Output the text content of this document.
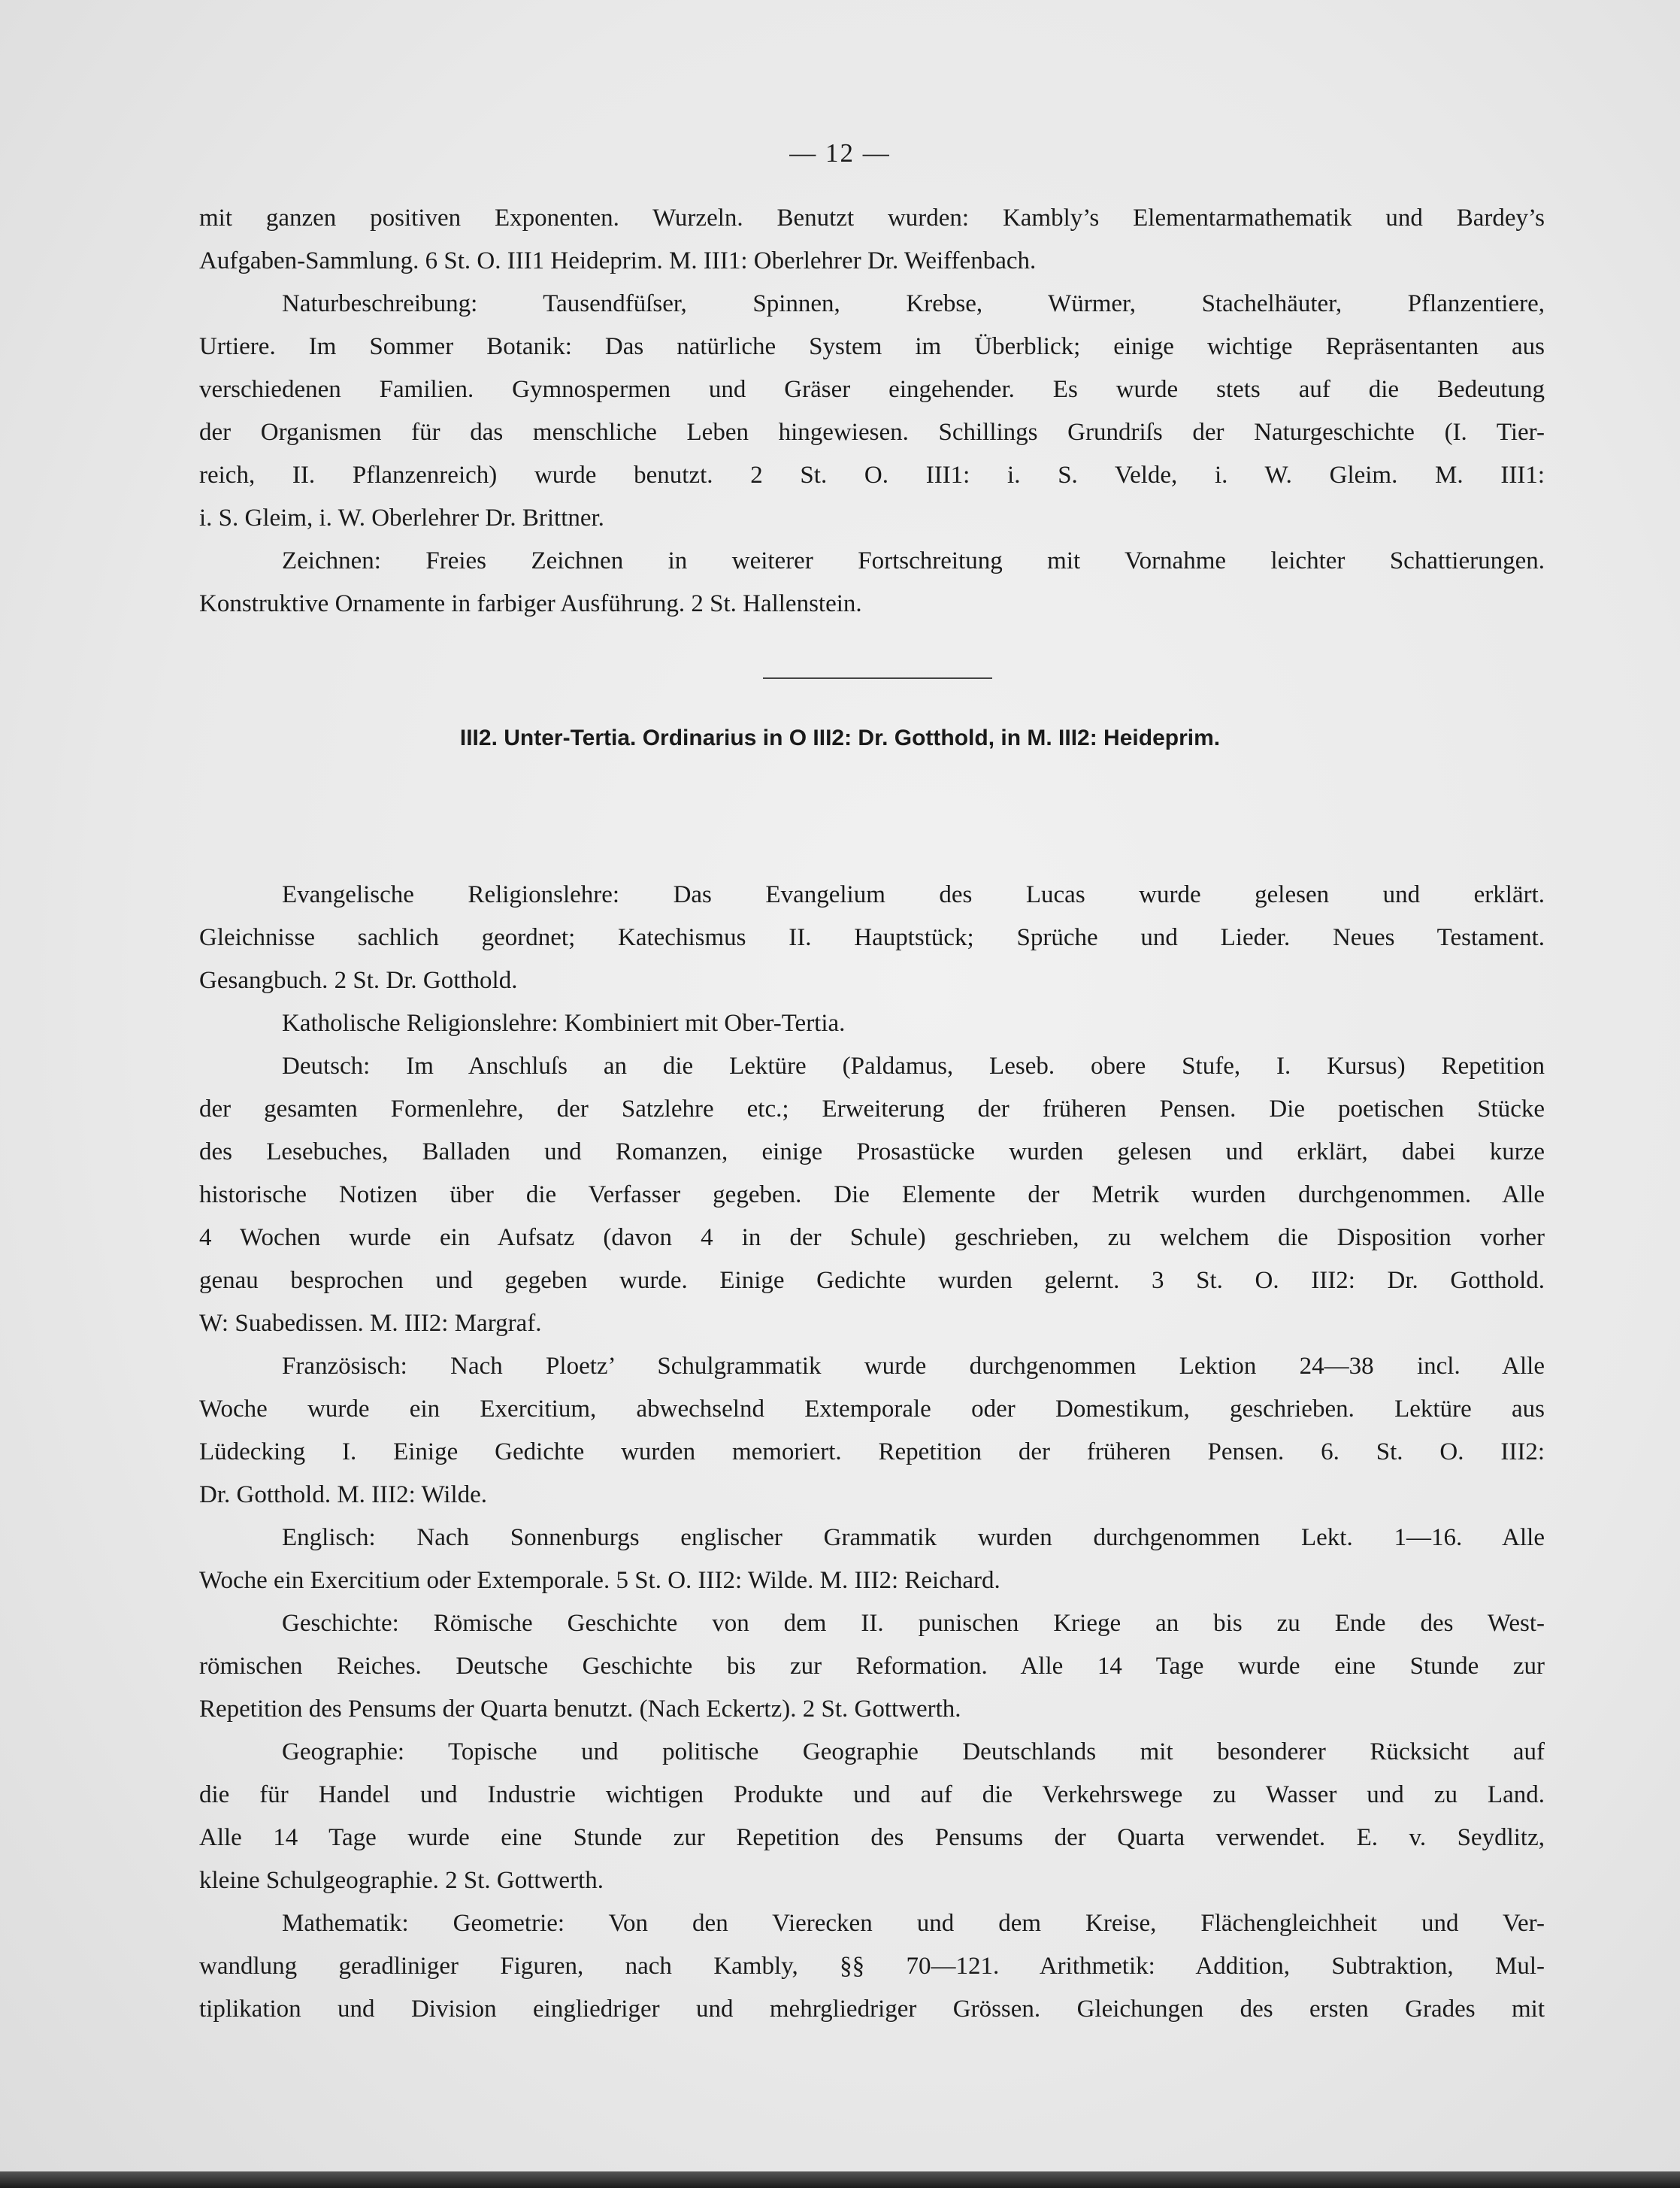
— 12 —
mit ganzen positiven Exponenten. Wurzeln. Benutzt wurden: Kambly’s Elementarmathematik und Bardey’s
Aufgaben-Sammlung. 6 St. O. III1 Heideprim. M. III1: Oberlehrer Dr. Weiffenbach.
Naturbeschreibung: Tausendfüſser, Spinnen, Krebse, Würmer, Stachelhäuter, Pflanzentiere,
Urtiere. Im Sommer Botanik: Das natürliche System im Überblick; einige wichtige Repräsentanten aus
verschiedenen Familien. Gymnospermen und Gräser eingehender. Es wurde stets auf die Bedeutung
der Organismen für das menschliche Leben hingewiesen. Schillings Grundriſs der Naturgeschichte (I. Tier-
reich, II. Pflanzenreich) wurde benutzt. 2 St. O. III1: i. S. Velde, i. W. Gleim. M. III1:
i. S. Gleim, i. W. Oberlehrer Dr. Brittner.
Zeichnen: Freies Zeichnen in weiterer Fortschreitung mit Vornahme leichter Schattierungen.
Konstruktive Ornamente in farbiger Ausführung. 2 St. Hallenstein.
III2. Unter-Tertia. Ordinarius in O III2: Dr. Gotthold, in M. III2: Heideprim.
Evangelische Religionslehre: Das Evangelium des Lucas wurde gelesen und erklärt.
Gleichnisse sachlich geordnet; Katechismus II. Hauptstück; Sprüche und Lieder. Neues Testament.
Gesangbuch. 2 St. Dr. Gotthold.
Katholische Religionslehre: Kombiniert mit Ober-Tertia.
Deutsch: Im Anschluſs an die Lektüre (Paldamus, Leseb. obere Stufe, I. Kursus) Repetition
der gesamten Formenlehre, der Satzlehre etc.; Erweiterung der früheren Pensen. Die poetischen Stücke
des Lesebuches, Balladen und Romanzen, einige Prosastücke wurden gelesen und erklärt, dabei kurze
historische Notizen über die Verfasser gegeben. Die Elemente der Metrik wurden durchgenommen. Alle
4 Wochen wurde ein Aufsatz (davon 4 in der Schule) geschrieben, zu welchem die Disposition vorher
genau besprochen und gegeben wurde. Einige Gedichte wurden gelernt. 3 St. O. III2: Dr. Gotthold.
W: Suabedissen. M. III2: Margraf.
Französisch: Nach Ploetz’ Schulgrammatik wurde durchgenommen Lektion 24—38 incl. Alle
Woche wurde ein Exercitium, abwechselnd Extemporale oder Domestikum, geschrieben. Lektüre aus
Lüdecking I. Einige Gedichte wurden memoriert. Repetition der früheren Pensen. 6. St. O. III2:
Dr. Gotthold. M. III2: Wilde.
Englisch: Nach Sonnenburgs englischer Grammatik wurden durchgenommen Lekt. 1—16. Alle
Woche ein Exercitium oder Extemporale. 5 St. O. III2: Wilde. M. III2: Reichard.
Geschichte: Römische Geschichte von dem II. punischen Kriege an bis zu Ende des West-
römischen Reiches. Deutsche Geschichte bis zur Reformation. Alle 14 Tage wurde eine Stunde zur
Repetition des Pensums der Quarta benutzt. (Nach Eckertz). 2 St. Gottwerth.
Geographie: Topische und politische Geographie Deutschlands mit besonderer Rücksicht auf
die für Handel und Industrie wichtigen Produkte und auf die Verkehrswege zu Wasser und zu Land.
Alle 14 Tage wurde eine Stunde zur Repetition des Pensums der Quarta verwendet. E. v. Seydlitz,
kleine Schulgeographie. 2 St. Gottwerth.
Mathematik: Geometrie: Von den Vierecken und dem Kreise, Flächengleichheit und Ver-
wandlung geradliniger Figuren, nach Kambly, §§ 70—121. Arithmetik: Addition, Subtraktion, Mul-
tiplikation und Division eingliedriger und mehrgliedriger Grössen. Gleichungen des ersten Grades mit
